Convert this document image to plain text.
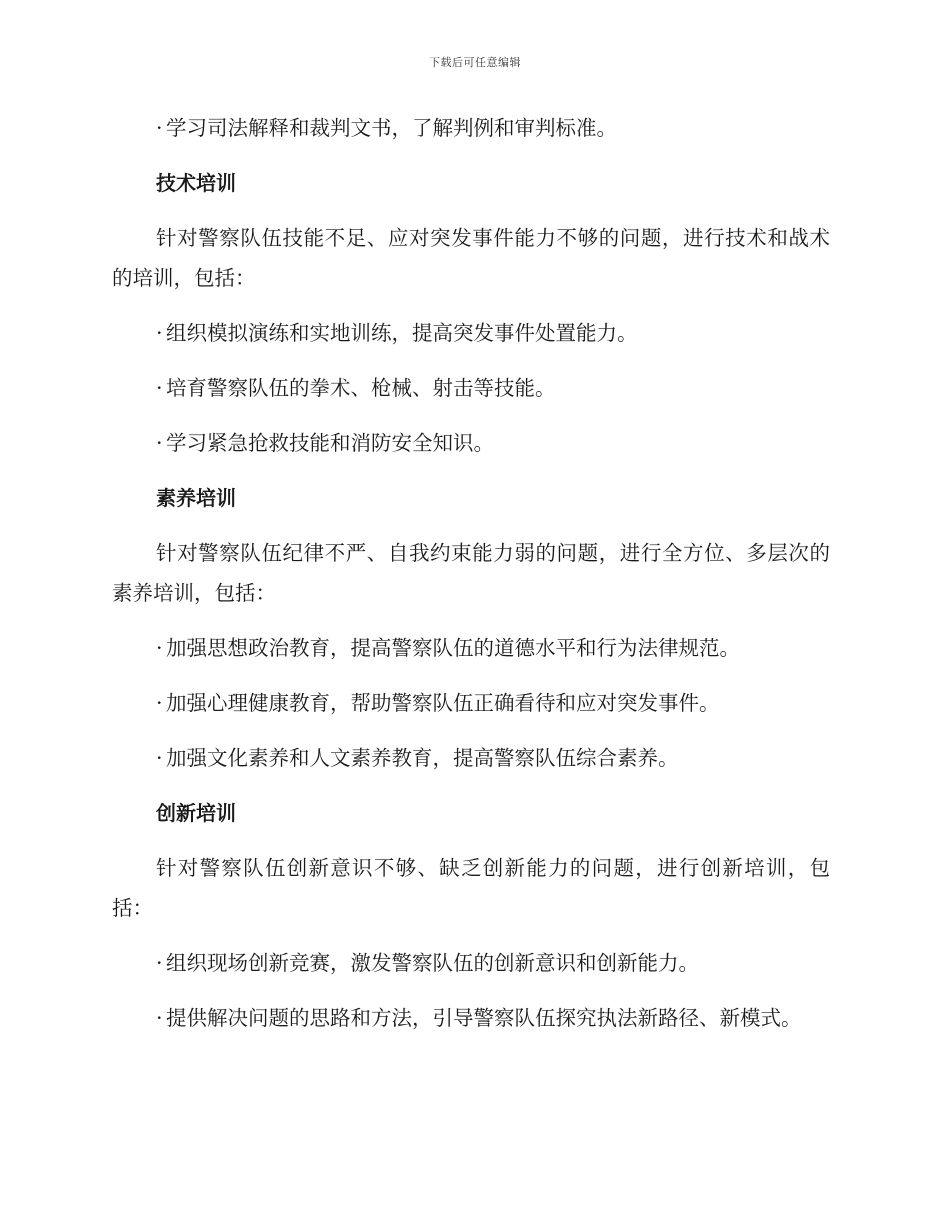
下载后可任意编辑

· 学习司法解释和裁判文书，了解判例和审判标准。

技术培训

针对警察队伍技能不足、应对突发事件能力不够的问题，进行技术和战术的培训，包括：

· 组织模拟演练和实地训练，提高突发事件处置能力。

· 培育警察队伍的拳术、枪械、射击等技能。

· 学习紧急抢救技能和消防安全知识。

素养培训

针对警察队伍纪律不严、自我约束能力弱的问题，进行全方位、多层次的素养培训，包括：

· 加强思想政治教育，提高警察队伍的道德水平和行为法律规范。

· 加强心理健康教育，帮助警察队伍正确看待和应对突发事件。

· 加强文化素养和人文素养教育，提高警察队伍综合素养。

创新培训

针对警察队伍创新意识不够、缺乏创新能力的问题，进行创新培训，包括：

· 组织现场创新竞赛，激发警察队伍的创新意识和创新能力。

· 提供解决问题的思路和方法，引导警察队伍探究执法新路径、新模式。
